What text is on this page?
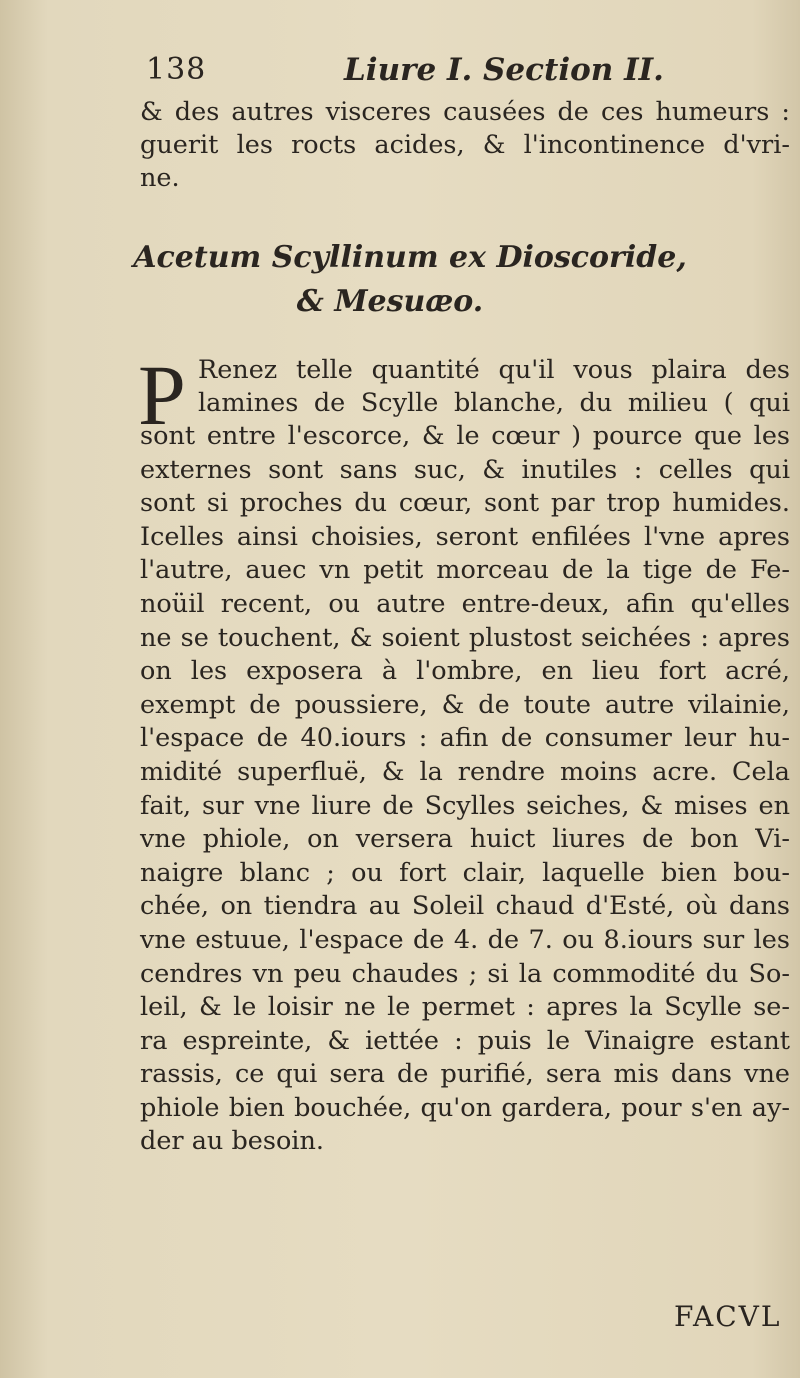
138	Liure I. Section II.
& des autres visceres causées de ces humeurs :
guerit les rocts acides, & l'incontinence d'vri-
ne.
Acetum Scyllinum ex Dioscoride,
& Mesuæo.
P Renez telle quantité qu'il vous plaira des
lamines de Scylle blanche, du milieu ( qui
sont entre l'escorce, & le cœur ) pource que les
externes sont sans suc, & inutiles : celles qui
sont si proches du cœur, sont par trop humides.
Icelles ainsi choisies, seront enfilées l'vne apres
l'autre, auec vn petit morceau de la tige de Fe-
noüil recent, ou autre entre-deux, afin qu'elles
ne se touchent, & soient plustost seichées : apres
on les exposera à l'ombre, en lieu fort acré,
exempt de poussiere, & de toute autre vilainie,
l'espace de 40.iours : afin de consumer leur hu-
midité superfluë, & la rendre moins acre. Cela
fait, sur vne liure de Scylles seiches, & mises en
vne phiole, on versera huict liures de bon Vi-
naigre blanc ; ou fort clair, laquelle bien bou-
chée, on tiendra au Soleil chaud d'Esté, où dans
vne estuue, l'espace de 4. de 7. ou 8.iours sur les
cendres vn peu chaudes ; si la commodité du So-
leil, & le loisir ne le permet : apres la Scylle se-
ra espreinte, & iettée : puis le Vinaigre estant
rassis, ce qui sera de purifié, sera mis dans vne
phiole bien bouchée, qu'on gardera, pour s'en ay-
der au besoin.
FACVL
